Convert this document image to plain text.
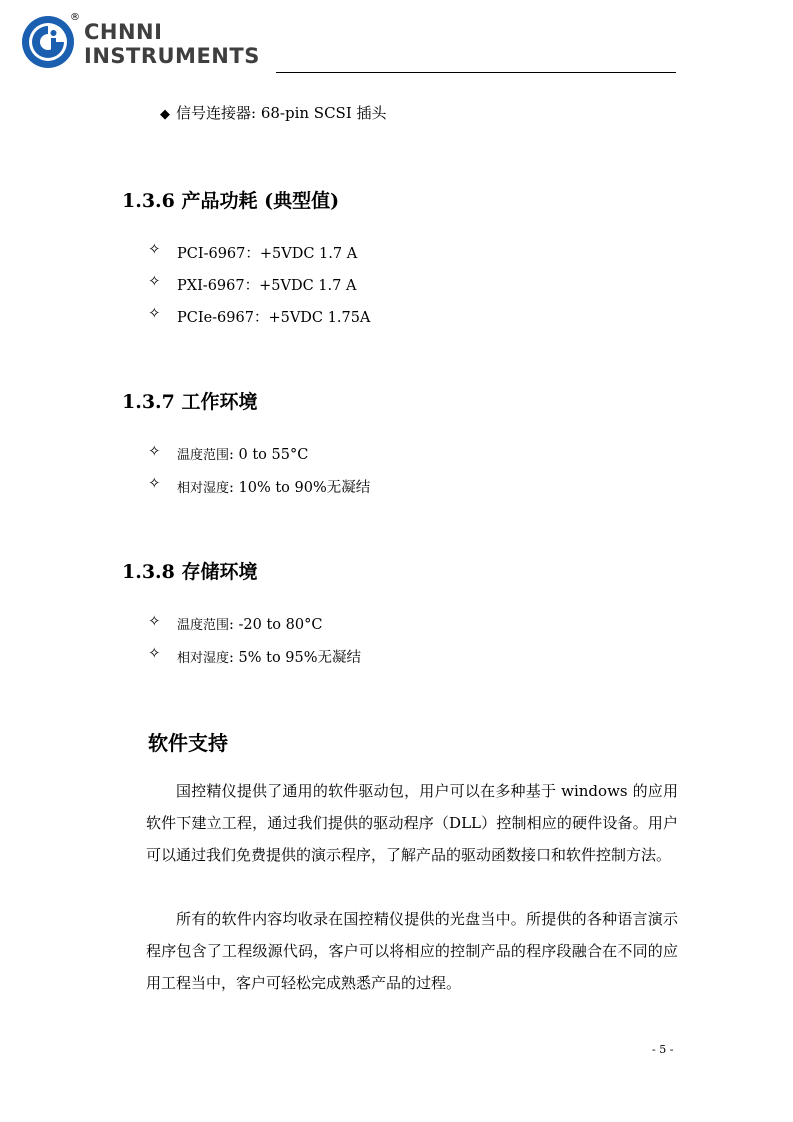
®
CHNNI
INSTRUMENTS
◆ 信号连接器: 68-pin SCSI 插头
1.3.6 产品功耗 (典型值)
✧ PCI-6967：+5VDC 1.7 A
✧ PXI-6967：+5VDC 1.7 A
✧ PCIe-6967：+5VDC 1.75A
1.3.7 工作环境
✧ 温度范围: 0 to 55°C
✧ 相对湿度: 10% to 90%无凝结
1.3.8 存储环境
✧ 温度范围: -20 to 80°C
✧ 相对湿度: 5% to 95%无凝结
软件支持

国控精仪提供了通用的软件驱动包，用户可以在多种基于 windows 的应用软件下建立工程，通过我们提供的驱动程序（DLL）控制相应的硬件设备。用户可以通过我们免费提供的演示程序，了解产品的驱动函数接口和软件控制方法。

所有的软件内容均收录在国控精仪提供的光盘当中。所提供的各种语言演示程序包含了工程级源代码，客户可以将相应的控制产品的程序段融合在不同的应用工程当中，客户可轻松完成熟悉产品的过程。

- 5 -
